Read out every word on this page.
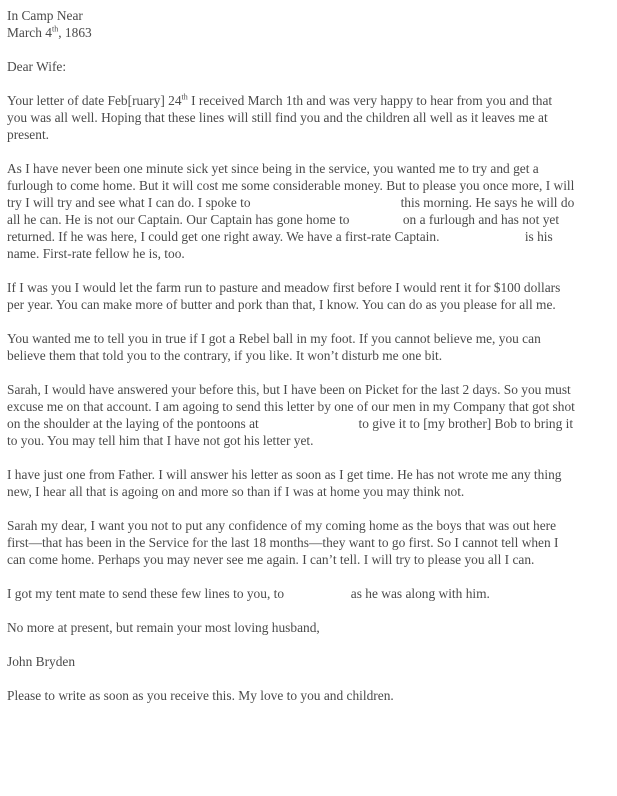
In Camp Near

March 4th, 1863

Dear Wife:

Your letter of date Feb[ruary] 24th I received March 1th and was very happy to hear from you and that you was all well. Hoping that these lines will still find you and the children all well as it leaves me at present.

As I have never been one minute sick yet since being in the service, you wanted me to try and get a furlough to come home. But it will cost me some considerable money. But to please you once more, I will try I will try and see what I can do. I spoke to	this morning. He says he will do all he can. He is not our Captain. Our Captain has gone home to	on a furlough and has not yet returned. If he was here, I could get one right away. We have a first-rate Captain.	is his name. First-rate fellow he is, too.

If I was you I would let the farm run to pasture and meadow first before I would rent it for $100 dollars per year. You can make more of butter and pork than that, I know. You can do as you please for all me.

You wanted me to tell you in true if I got a Rebel ball in my foot. If you cannot believe me, you can believe them that told you to the contrary, if you like. It won’t disturb me one bit.

Sarah, I would have answered your before this, but I have been on Picket for the last 2 days. So you must excuse me on that account. I am agoing to send this letter by one of our men in my Company that got shot on the shoulder at the laying of the pontoons at	to give it to [my brother] Bob to bring it to you. You may tell him that I have not got his letter yet.

I have just one from Father. I will answer his letter as soon as I get time. He has not wrote me any thing new, I hear all that is agoing on and more so than if I was at home you may think not.

Sarah my dear, I want you not to put any confidence of my coming home as the boys that was out here first—that has been in the Service for the last 18 months—they want to go first. So I cannot tell when I can come home. Perhaps you may never see me again. I can’t tell. I will try to please you all I can.

I got my tent mate to send these few lines to you, to	as he was along with him.

No more at present, but remain your most loving husband,

John Bryden

Please to write as soon as you receive this. My love to you and children.
